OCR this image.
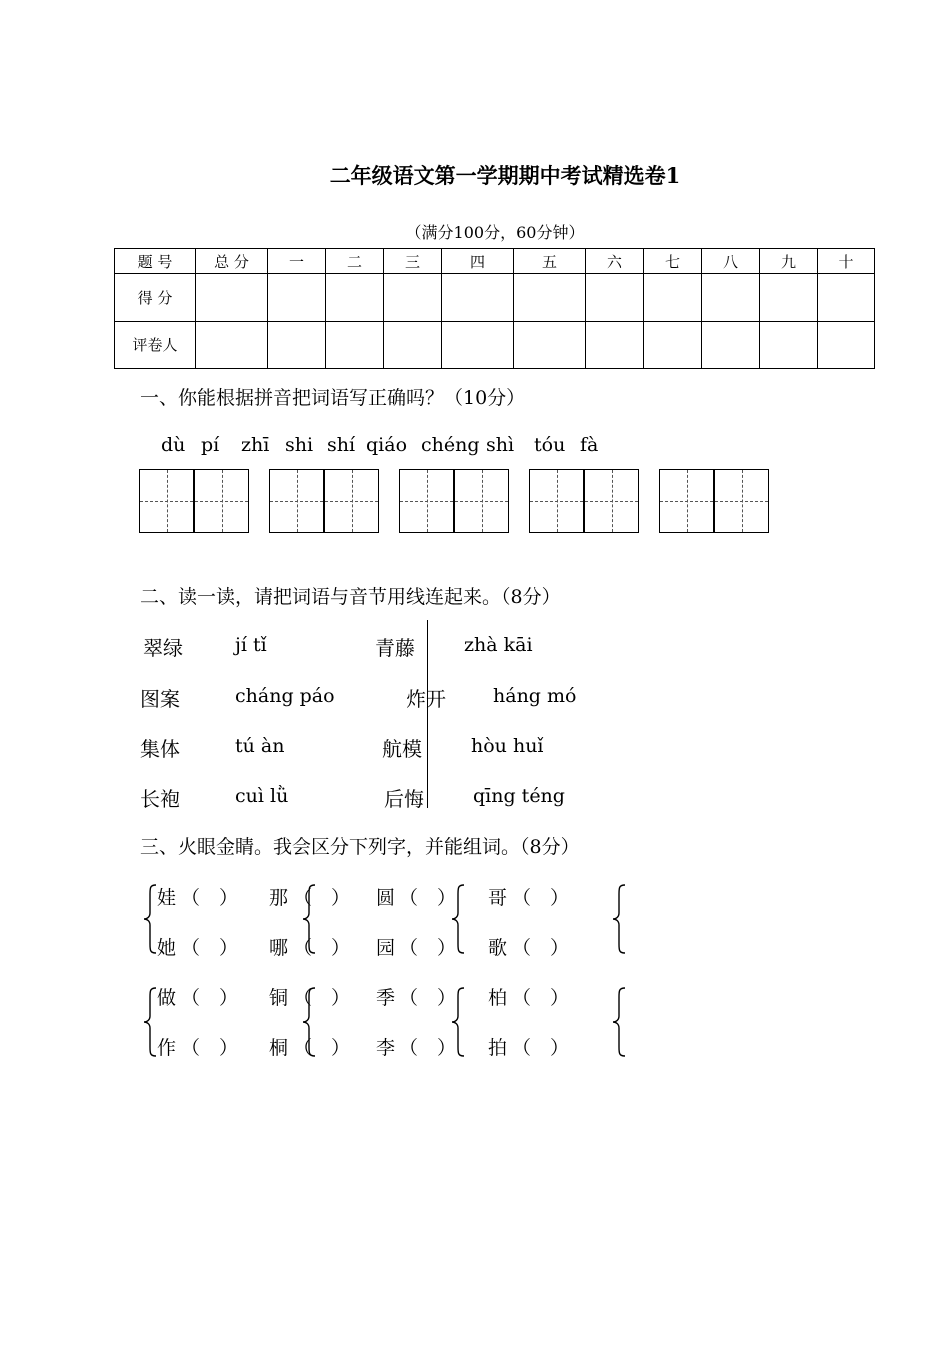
二年级语文第一学期期中考试精选卷1
（满分100分，60分钟）
题 号	总 分	一	二	三	四	五	六	七	八	九	十
得 分											
评卷人											
一、你能根据拼音把词语写正确吗？（10分）
dù pí zhī shi shí qiáo chéng shì tóu fà
二、读一读，请把词语与音节用线连起来。（8分）
翠绿	jí tǐ	青藤	zhà kāi
图案	cháng páo	炸开 háng mó
集体	tú àn	航模	hòu huǐ
长袍	cuì lǜ	后悔	qīng téng
三、火眼金睛。我会区分下列字，并能组词。（8分）
娃 （　）
她 （　）
那 （　）
哪 （　）
圆 （　）
园 （　）
哥 （　）
歌 （　）
做 （　）
作 （　）
铜 （　）
桐 （　）
季 （　）
李 （　）
柏 （　）
拍 （　）
